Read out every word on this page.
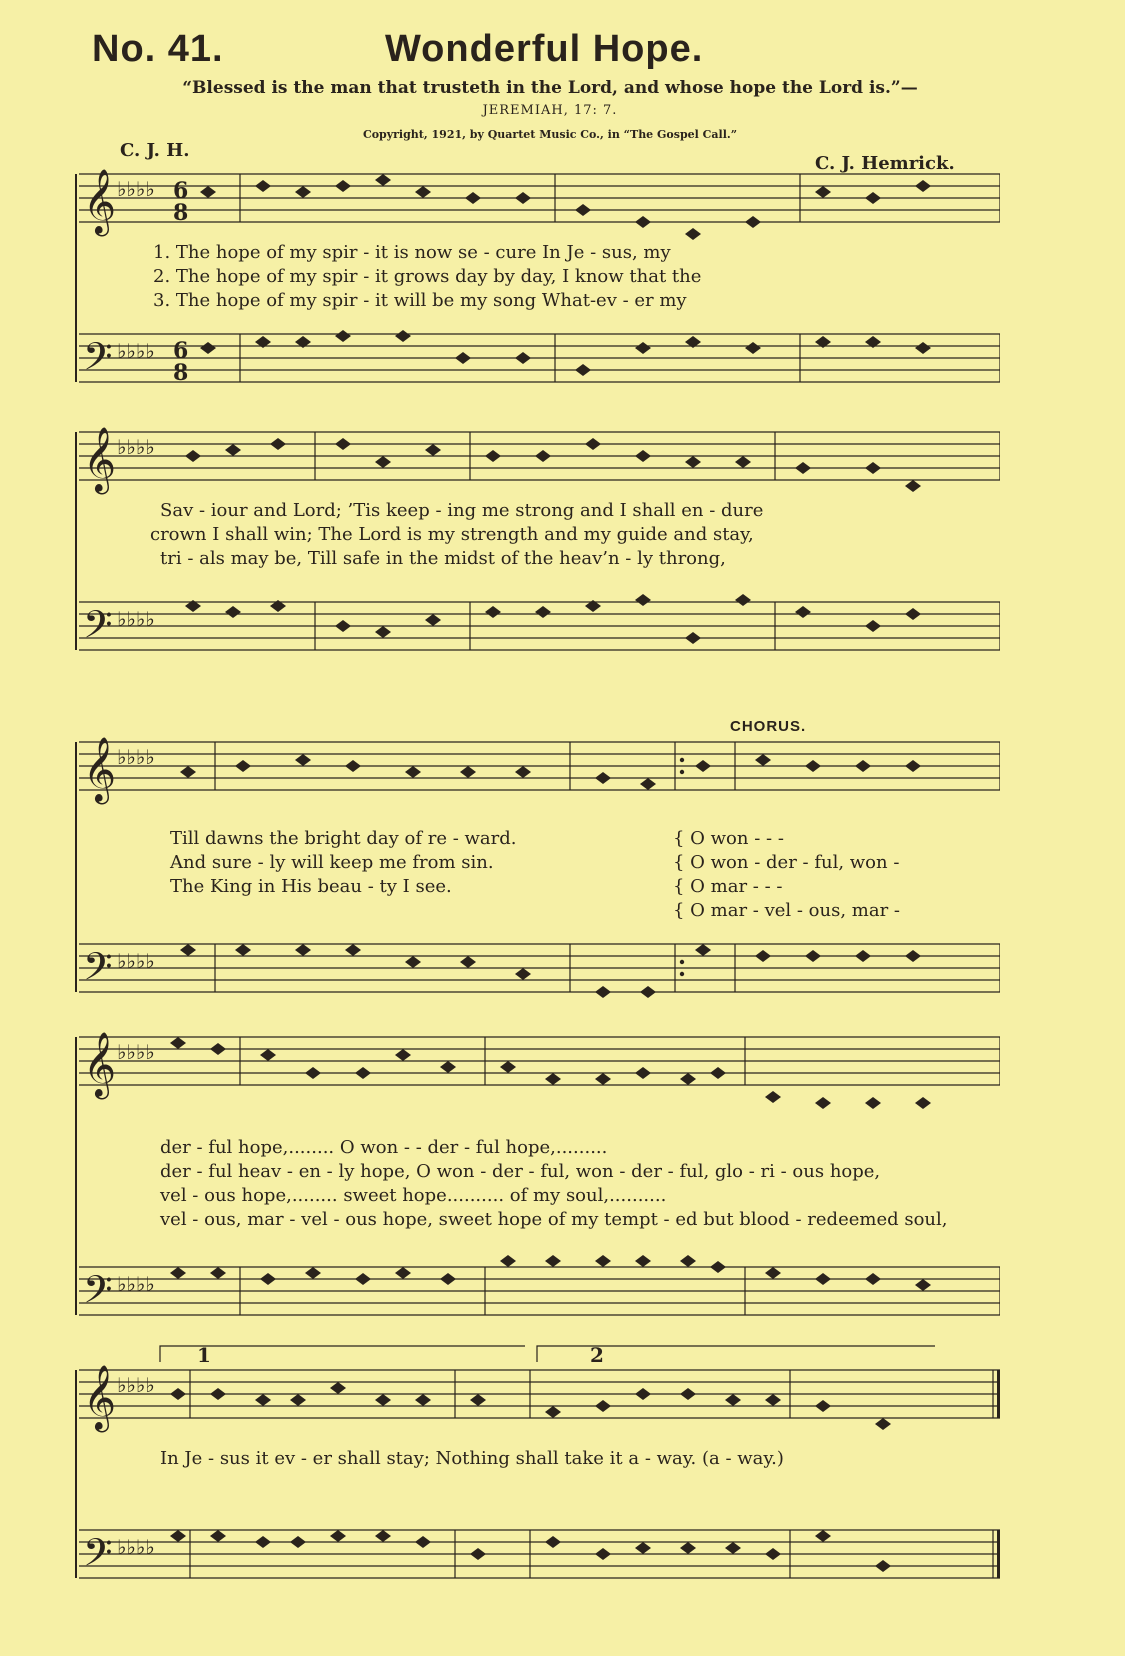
No. 41.	Wonderful Hope.
“Blessed is the man that trusteth in the Lord, and whose hope the Lord is.”—
JEREMIAH, 17: 7.
Copyright, 1921, by Quartet Music Co., in “The Gospel Call.”
C. J. H.
C. J. Hemrick.
𝄞
𝄢
♭♭♭♭
♭♭♭♭
6
8
6
8
1. The hope of my spir - it is now se - cure In Je - sus, my
2. The hope of my spir - it grows day by day, I know that the
3. The hope of my spir - it will be my song What-ev - er my
𝄞
𝄢
♭♭♭♭
♭♭♭♭
Sav - iour and Lord; ’Tis keep - ing me strong and I shall en - dure
crown I shall win; The Lord is my strength and my guide and stay,
tri - als may be, Till safe in the midst of the heav’n - ly throng,
CHORUS.
𝄞
𝄢
♭♭♭♭
♭♭♭♭
Till dawns the bright day of re - ward.
And sure - ly will keep me from sin.
The King in His beau - ty I see.
{ O won - - -
{ O won - der - ful, won -
{ O mar - - -
{ O mar - vel - ous, mar -
𝄞
𝄢
♭♭♭♭
♭♭♭♭
der - ful hope,........ O won - - der - ful hope,.........
der - ful heav - en - ly hope, O won - der - ful, won - der - ful, glo - ri - ous hope,
vel - ous hope,........ sweet hope.......... of my soul,..........
vel - ous, mar - vel - ous hope, sweet hope of my tempt - ed but blood - redeemed soul,
𝄞
𝄢
♭♭♭♭
♭♭♭♭
1	2
In Je - sus it ev - er shall stay; Nothing shall take it a - way. (a - way.)
